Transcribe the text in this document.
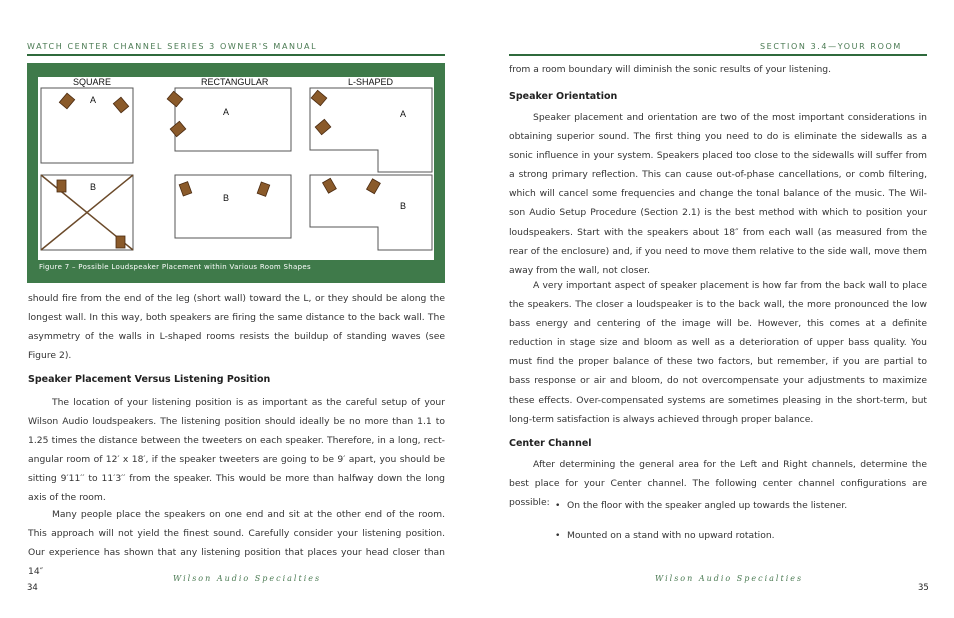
WATCH CENTER CHANNEL SERIES 3 OWNER'S MANUAL
SQUARE	RECTANGULAR	L-SHAPED
A
A	A
B
B
B
Figure 7 – Possible Loudspeaker Placement within Various Room Shapes

should fire from the end of the leg (short wall) toward the L, or they should be along the longest wall. In this way, both speakers are firing the same distance to the back wall. The asymmetry of the walls in L-shaped rooms resists the buildup of standing waves (see Figure 2).

Speaker Placement Versus Listening Position

The location of your listening position is as important as the careful setup of your Wilson Audio loudspeakers. The listening position should ideally be no more than 1.1 to 1.25 times the distance between the tweeters on each speaker. Therefore, in a long, rect-angular room of 12′ x 18′, if the speaker tweeters are going to be 9′ apart, you should be sitting 9′11′′ to 11′3′′ from the speaker. This would be more than halfway down the long axis of the room.

Many people place the speakers on one end and sit at the other end of the room. This approach will not yield the finest sound. Carefully consider your listening position. Our experience has shown that any listening position that places your head closer than 14″

Wilson Audio Specialties
34
SECTION 3.4—YOUR ROOM

from a room boundary will diminish the sonic results of your listening.

Speaker Orientation

Speaker placement and orientation are two of the most important considerations in obtaining superior sound. The first thing you need to do is eliminate the sidewalls as a sonic influence in your system. Speakers placed too close to the sidewalls will suffer from a strong primary reflection. This can cause out-of-phase cancellations, or comb filtering, which will cancel some frequencies and change the tonal balance of the music. The Wil-son Audio Setup Procedure (Section 2.1) is the best method with which to position your loudspeakers. Start with the speakers about 18″ from each wall (as measured from the rear of the enclosure) and, if you need to move them relative to the side wall, move them away from the wall, not closer.

A very important aspect of speaker placement is how far from the back wall to place the speakers. The closer a loudspeaker is to the back wall, the more pronounced the low bass energy and centering of the image will be. However, this comes at a definite reduction in stage size and bloom as well as a deterioration of upper bass quality. You must find the proper balance of these two factors, but remember, if you are partial to bass response or air and bloom, do not overcompensate your adjustments to maximize these effects. Over-compensated systems are sometimes pleasing in the short-term, but long-term satisfaction is always achieved through proper balance.

Center Channel

After determining the general area for the Left and Right channels, determine the best place for your Center channel. The following center channel configurations are possible: • On the floor with the speaker angled up towards the listener.
• Mounted on a stand with no upward rotation.
Wilson Audio Specialties
35
